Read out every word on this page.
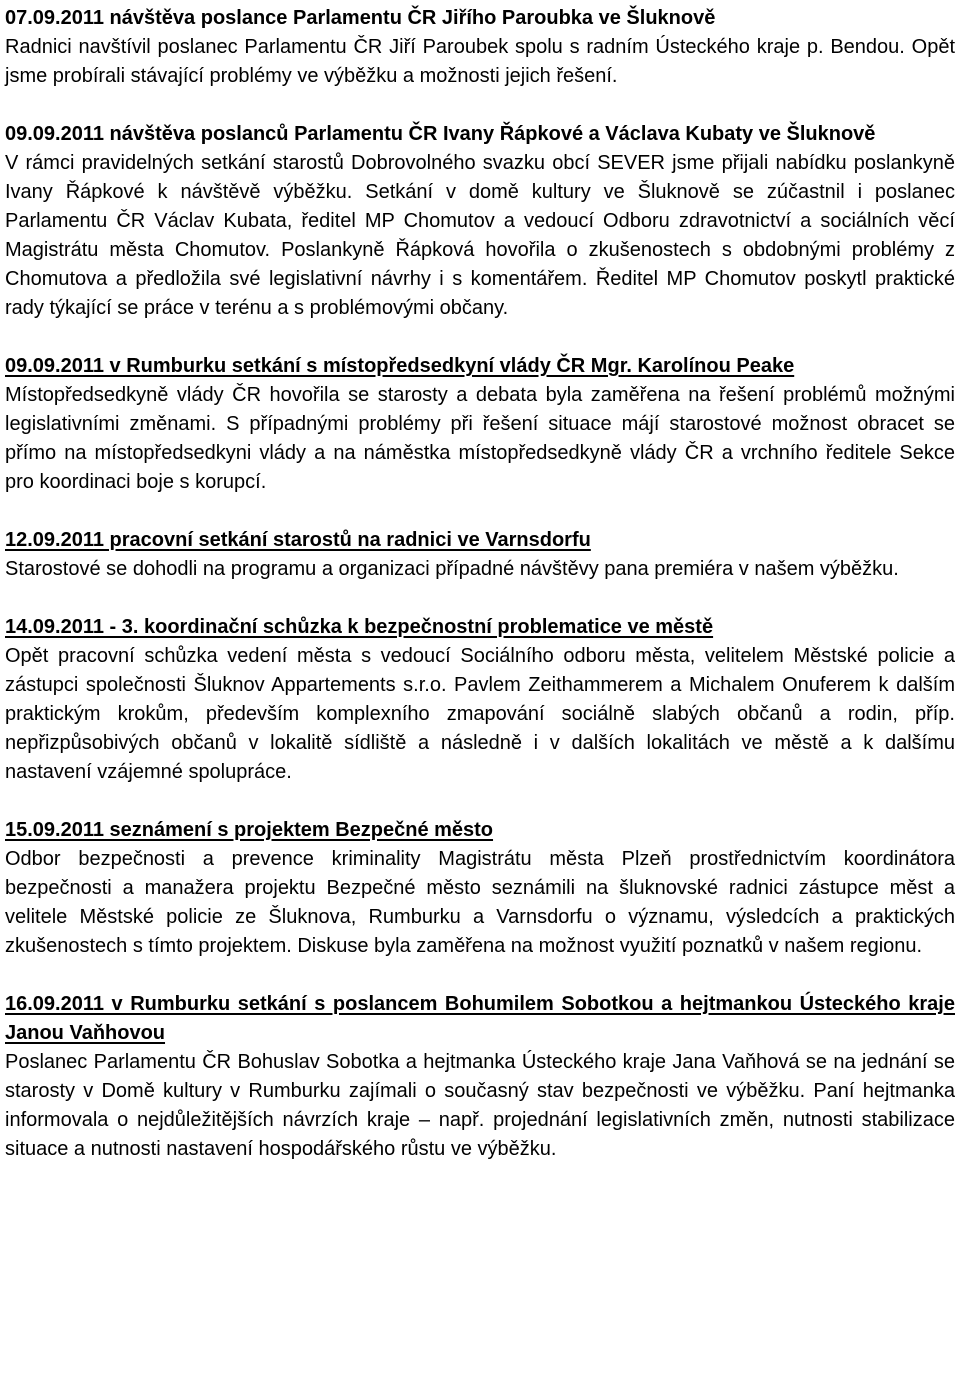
07.09.2011 návštěva poslance Parlamentu ČR Jiřího Paroubka ve Šluknově
Radnici navštívil poslanec Parlamentu ČR Jiří Paroubek spolu s radním Ústeckého kraje p. Bendou. Opět jsme probírali stávající problémy ve výběžku a možnosti jejich řešení.
09.09.2011 návštěva poslanců Parlamentu ČR Ivany Řápkové a Václava Kubaty ve Šluknově
V rámci pravidelných setkání starostů Dobrovolného svazku obcí SEVER jsme přijali nabídku poslankyně Ivany Řápkové k návštěvě výběžku. Setkání v domě kultury ve Šluknově se zúčastnil i poslanec Parlamentu ČR Václav Kubata, ředitel MP Chomutov a vedoucí Odboru zdravotnictví a sociálních věcí Magistrátu města Chomutov. Poslankyně Řápková hovořila o zkušenostech s obdobnými problémy z Chomutova a předložila své legislativní návrhy i s komentářem. Ředitel MP Chomutov poskytl praktické rady týkající se práce v terénu a s problémovými občany.
09.09.2011 v Rumburku setkání s místopředsedkyní vlády ČR Mgr. Karolínou Peake
Místopředsedkyně vlády ČR hovořila se starosty a debata byla zaměřena na řešení problémů možnými legislativními změnami. S případnými problémy při řešení situace májí starostové možnost obracet se přímo na místopředsedkyni vlády a na náměstka místopředsedkyně vlády ČR a vrchního ředitele Sekce pro koordinaci boje s korupcí.
12.09.2011 pracovní setkání starostů na radnici ve Varnsdorfu
Starostové se dohodli na programu a organizaci případné návštěvy pana premiéra v našem výběžku.
14.09.2011 - 3. koordinační schůzka k bezpečnostní problematice ve městě
Opět pracovní schůzka vedení města s vedoucí Sociálního odboru města, velitelem Městské policie a zástupci společnosti Šluknov Appartements s.r.o. Pavlem Zeithammerem a Michalem Onuferem k dalším praktickým krokům, především komplexního zmapování sociálně slabých občanů a rodin, příp. nepřizpůsobivých občanů v lokalitě sídliště a následně i v dalších lokalitách ve městě a k dalšímu nastavení vzájemné spolupráce.
15.09.2011 seznámení s projektem Bezpečné město
Odbor bezpečnosti a prevence kriminality Magistrátu města Plzeň prostřednictvím koordinátora bezpečnosti a manažera projektu Bezpečné město seznámili na šluknovské radnici zástupce měst a velitele Městské policie ze Šluknova, Rumburku a Varnsdorfu o významu, výsledcích a praktických zkušenostech s tímto projektem. Diskuse byla zaměřena na možnost využití poznatků v našem regionu.
16.09.2011 v Rumburku setkání s poslancem Bohumilem Sobotkou a hejtmankou Ústeckého kraje Janou Vaňhovou
Poslanec Parlamentu ČR Bohuslav Sobotka a hejtmanka Ústeckého kraje Jana Vaňhová se na jednání se starosty v Domě kultury v Rumburku zajímali o současný stav bezpečnosti ve výběžku. Paní hejtmanka informovala o nejdůležitějších návrzích kraje – např. projednání legislativních změn, nutnosti stabilizace situace a nutnosti nastavení hospodářského růstu ve výběžku.
